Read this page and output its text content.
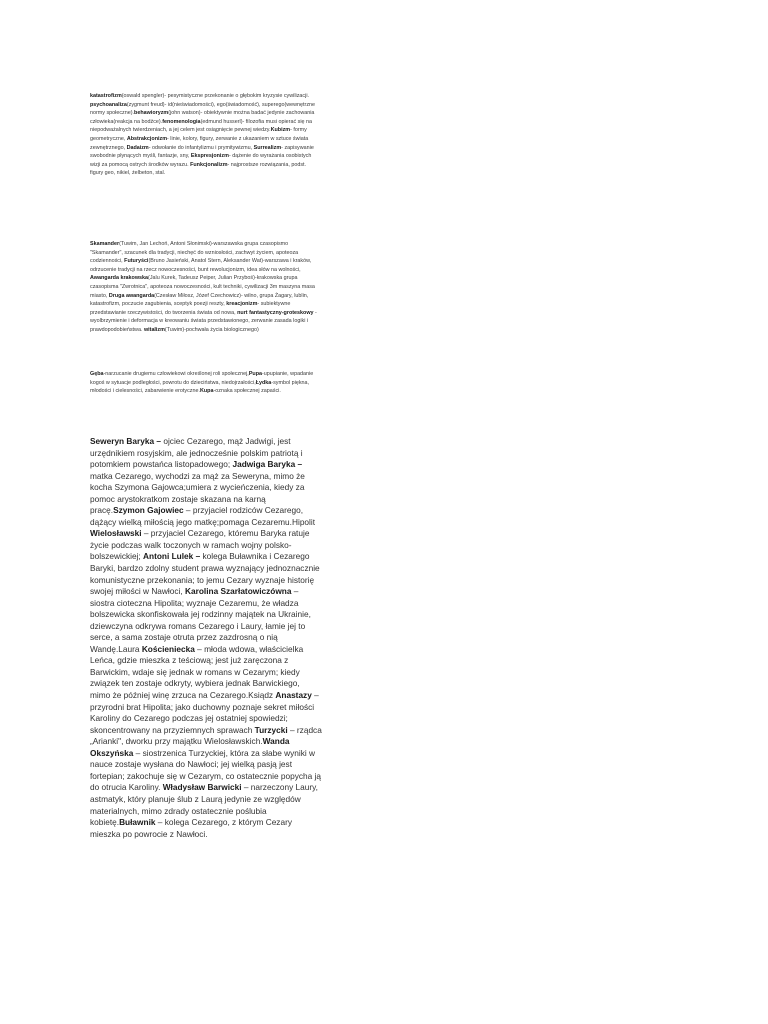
katastrofizm(oswald spengler)- pesymistyczne przekonanie o głębokim kryzysie cywilizacji.
psychoanaliza(zygmunt freud)- id(nieświadomości), ego(świadomość), superego(wewnętrzne normy społeczne).behawioryzm(john watson)- obiektywnie można badać jedynie zachowania człowieka(reakcja na bodźce).fenomenologia(edmund husserl)- filozofia musi opierać się na niepodważalnych twierdzeniach, a jej celem jest osiągnięcie pewnej wiedzy.Kubizm- formy geometryczne, Abstrakcjonizm- linie, kolory, figury, zerwanie z ukazaniem w sztuce świata zewnętrznego, Dadaizm- odwołanie do infantylizmu i prymitywizmu, Surrealizm- zapisywanie swobodnie płynących myśli, fantazje, sny, Ekspresjonizm- dążenie do wyrażania osobistych wizji za pomocą ostrych środków wyrazu. Funkcjonalizm- najprostsze rozwiązania, podst. figury geo, nikiel, żelbeton, stal.

Skamander(Tuwim, Jan Lechoń, Antoni Słonimski)-warszawska grupa czasopismo "Skamander", szacunek dla tradycji, niechęć do wzniosłości, zachwyt życiem, apoteoza codzienności, Futuryści(Bruno Jasieński, Anatol Stern, Aleksander Wat)-warszawa i kraków, odrzucenie tradycji na rzecz nowoczesności, bunt rewolucjonizm, idea słów na wolności, Awangarda krakowska(Jalu Kurek, Tadeusz Peiper, Julian Przyboś)-krakowska grupa czasopisma "Zwrotnica", apoteoza nowoczesności, kult techniki, cywilizacji 3m maszyna masa miasto, Druga awangarda(Czesław Miłosz, Józef Czechowicz)- wilno, grupa Żagary, lublin, katastrofizm, poczucie zagubienia, sceptyk poezji reszty, kreacjonizm- subiektywne przedstawianie rzeczywistości, do tworzenia świata od nowa, nurt fantastyczny-groteskowy - wyolbrzymienie i deformacja w kreowaniu świata przedstawionego, zerwanie zasada logiki i prawdopodobieństwa. witalizm(Tuwim)-pochwała życia biologicznego)

Gęba-narzucanie drugiemu człowiekowi określonej roli społecznej,Pupa-upupianie, wpadanie kogoś w sytuacje podległości, powrotu do dzieciństwa, niedojrzałości,Łydka-symbol piękna, młodości i cielesności, zabarwienie erotyczne.Kupa-oznaka społecznej zapaści.

Seweryn Baryka – ojciec Cezarego, mąż Jadwigi, jest urzędnikiem rosyjskim, ale jednocześnie polskim patriotą i potomkiem powstańca listopadowego; Jadwiga Baryka – matka Cezarego, wychodzi za mąż za Seweryna, mimo że kocha Szymona Gajowca;umiera z wycieńczenia, kiedy za pomoc arystokratkom zostaje skazana na karną pracę.Szymon Gajowiec – przyjaciel rodziców Cezarego, dążący wielką miłością jego matkę;pomaga Cezaremu.Hipolit Wielosławski – przyjaciel Cezarego, któremu Baryka ratuje życie podczas walk toczonych w ramach wojny polsko-bolszewickiej; Antoni Lulek – kolega Buławnika i Cezarego Baryki, bardzo zdolny student prawa wyznający jednoznacznie komunistyczne przekonania; to jemu Cezary wyznaje historię swojej miłości w Nawłoci, Karolina Szarłatowiczówna – siostra cioteczna Hipolita; wyznaje Cezaremu, że władza bolszewicka skonfiskowała jej rodzinny majątek na Ukrainie, dziewczyna odkrywa romans Cezarego i Laury, łamie jej to serce, a sama zostaje otruta przez zazdrosną o nią Wandę.Laura Kościeniecka – młoda wdowa, właścicielka Leńca, gdzie mieszka z teściową; jest już zaręczona z Barwickim, wdaje się jednak w romans w Cezarym; kiedy związek ten zostaje odkryty, wybiera jednak Barwickiego, mimo że później winę zrzuca na Cezarego.Ksiądz Anastazy – przyrodni brat Hipolita; jako duchowny poznaje sekret miłości Karoliny do Cezarego podczas jej ostatniej spowiedzi; skoncentrowany na przyziemnych sprawach Turzycki – rządca „Arianki", dworku przy majątku Wielosławskich.Wanda Okszyńska – siostrzenica Turzyckiej, która za słabe wyniki w nauce zostaje wysłana do Nawłoci; jej wielką pasją jest fortepian; zakochuje się w Cezarym, co ostatecznie popycha ją do otrucia Karoliny. Władysław Barwicki – narzeczony Laury, astmatyk, który planuje ślub z Laurą jedynie ze względów materialnych, mimo zdrady ostatecznie poślubia kobietę.Buławnik – kolega Cezarego, z którym Cezary mieszka po powrocie z Nawłoci.
